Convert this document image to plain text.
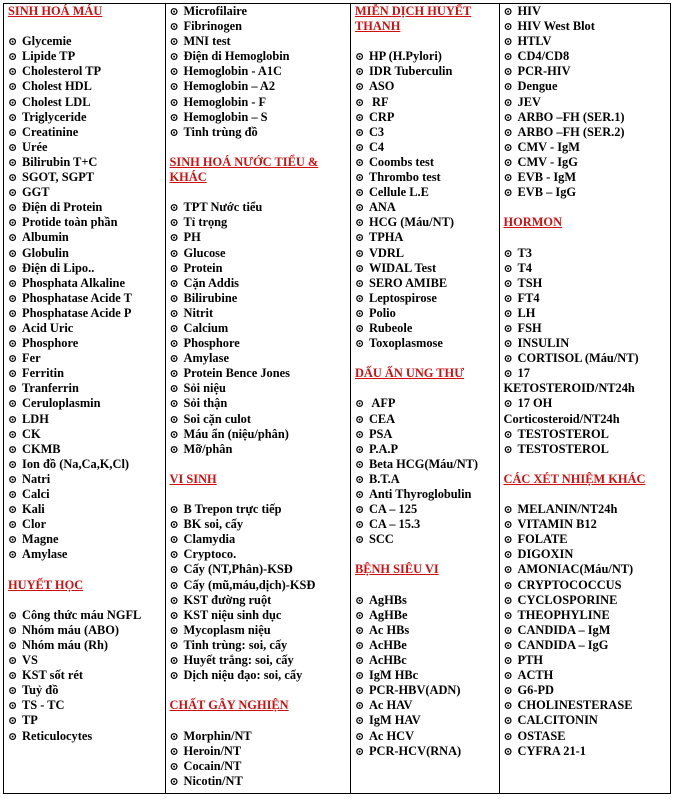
SINH HOÁ MÁU
⊙ Glycemie
⊙ Lipide TP
⊙ Cholesterol TP
⊙ Cholest HDL
⊙ Cholest LDL
⊙ Triglyceride
⊙ Creatinine
⊙ Urée
⊙ Bilirubin T+C
⊙ SGOT, SGPT
⊙ GGT
⊙ Điện di Protein
⊙ Protide toàn phần
⊙ Albumin
⊙ Globulin
⊙ Điện di Lipo..
⊙ Phosphata Alkaline
⊙ Phosphatase Acide T
⊙ Phosphatase Acide P
⊙ Acid Uric
⊙ Phosphore
⊙ Fer
⊙ Ferritin
⊙ Tranferrin
⊙ Ceruloplasmin
⊙ LDH
⊙ CK
⊙ CKMB
⊙ Ion đồ (Na,Ca,K,Cl)
⊙ Natri
⊙ Calci
⊙ Kali
⊙ Clor
⊙ Magne
⊙ Amylase
HUYẾT HỌC
⊙ Công thức máu NGFL
⊙ Nhóm máu (ABO)
⊙ Nhóm máu (Rh)
⊙ VS
⊙ KST sốt rét
⊙ Tuỷ đồ
⊙ TS - TC
⊙ TP
⊙ Reticulocytes
⊙ Microfilaire
⊙ Fibrinogen
⊙ MNI test
⊙ Điện di Hemoglobin
⊙ Hemoglobin - A1C
⊙ Hemoglobin – A2
⊙ Hemoglobin - F
⊙ Hemoglobin – S
⊙ Tinh trùng đồ
SINH HOÁ NƯỚC TIỂU & KHÁC
⊙ TPT Nước tiểu
⊙ Tỉ trọng
⊙ PH
⊙ Glucose
⊙ Protein
⊙ Cặn Addis
⊙ Bilirubine
⊙ Nitrit
⊙ Calcium
⊙ Phosphore
⊙ Amylase
⊙ Protein Bence Jones
⊙ Sỏi niệu
⊙ Sỏi thận
⊙ Soi cặn culot
⊙ Máu ẩn (niệu/phân)
⊙ Mỡ/phân
VI SINH
⊙ B Trepon trực tiếp
⊙ BK soi, cấy
⊙ Clamydia
⊙ Cryptoco.
⊙ Cấy (NT,Phân)-KSĐ
⊙ Cấy (mũ,máu,dịch)-KSĐ
⊙ KST đường ruột
⊙ KST niệu sinh dục
⊙ Mycoplasm niệu
⊙ Tinh trùng: soi, cấy
⊙ Huyết trắng: soi, cấy
⊙ Dịch niệu đạo: soi, cấy
CHẤT GÂY NGHIỆN
⊙ Morphin/NT
⊙ Heroin/NT
⊙ Cocain/NT
⊙ Nicotin/NT
MIỄN DỊCH HUYẾT THANH
⊙ HP (H.Pylori)
⊙ IDR Tuberculin
⊙ ASO
⊙ RF
⊙ CRP
⊙ C3
⊙ C4
⊙ Coombs test
⊙ Thrombo test
⊙ Cellule L.E
⊙ ANA
⊙ HCG (Máu/NT)
⊙ TPHA
⊙ VDRL
⊙ WIDAL Test
⊙ SERO AMIBE
⊙ Leptospirose
⊙ Polio
⊙ Rubeole
⊙ Toxoplasmose
DẤU ẤN UNG THƯ
⊙ AFP
⊙ CEA
⊙ PSA
⊙ P.A.P
⊙ Beta HCG(Máu/NT)
⊙ B.T.A
⊙ Anti Thyroglobulin
⊙ CA – 125
⊙ CA – 15.3
⊙ SCC
BỆNH SIÊU VI
⊙ AgHBs
⊙ AgHBe
⊙ Ac HBs
⊙ AcHBe
⊙ AcHBc
⊙ IgM HBc
⊙ PCR-HBV(ADN)
⊙ Ac HAV
⊙ IgM HAV
⊙ Ac HCV
⊙ PCR-HCV(RNA)
⊙ HIV
⊙ HIV West Blot
⊙ HTLV
⊙ CD4/CD8
⊙ PCR-HIV
⊙ Dengue
⊙ JEV
⊙ ARBO –FH (SER.1)
⊙ ARBO –FH (SER.2)
⊙ CMV - IgM
⊙ CMV - IgG
⊙ EVB - IgM
⊙ EVB – IgG
HORMON
⊙ T3
⊙ T4
⊙ TSH
⊙ FT4
⊙ LH
⊙ FSH
⊙ INSULIN
⊙ CORTISOL (Máu/NT)
⊙ 17
KETOSTEROID/NT24h
⊙ 17 OH
Corticosteroid/NT24h
⊙ TESTOSTEROL
⊙ TESTOSTEROL
CÁC XÉT NHIỆM KHÁC
⊙ MELANIN/NT24h
⊙ VITAMIN B12
⊙ FOLATE
⊙ DIGOXIN
⊙ AMONIAC(Máu/NT)
⊙ CRYPTOCOCCUS
⊙ CYCLOSPORINE
⊙ THEOPHYLINE
⊙ CANDIDA – IgM
⊙ CANDIDA – IgG
⊙ PTH
⊙ ACTH
⊙ G6-PD
⊙ CHOLINESTERASE
⊙ CALCITONIN
⊙ OSTASE
⊙ CYFRA 21-1
